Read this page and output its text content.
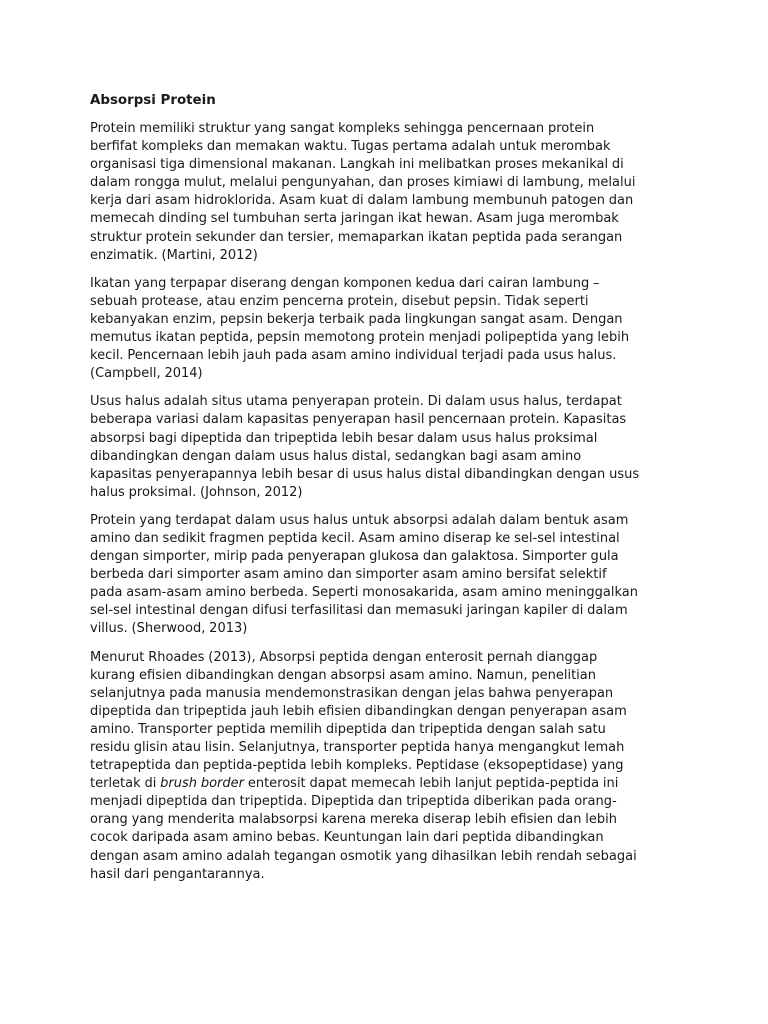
Absorpsi Protein
Protein memiliki struktur yang sangat kompleks sehingga pencernaan protein
berfifat kompleks dan memakan waktu. Tugas pertama adalah untuk merombak
organisasi tiga dimensional makanan. Langkah ini melibatkan proses mekanikal di
dalam rongga mulut, melalui pengunyahan, dan proses kimiawi di lambung, melalui
kerja dari asam hidroklorida. Asam kuat di dalam lambung membunuh patogen dan
memecah dinding sel tumbuhan serta jaringan ikat hewan. Asam juga merombak
struktur protein sekunder dan tersier, memaparkan ikatan peptida pada serangan
enzimatik. (Martini, 2012)
Ikatan yang terpapar diserang dengan komponen kedua dari cairan lambung –
sebuah protease, atau enzim pencerna protein, disebut pepsin. Tidak seperti
kebanyakan enzim, pepsin bekerja terbaik pada lingkungan sangat asam. Dengan
memutus ikatan peptida, pepsin memotong protein menjadi polipeptida yang lebih
kecil. Pencernaan lebih jauh pada asam amino individual terjadi pada usus halus.
(Campbell, 2014)
Usus halus adalah situs utama penyerapan protein. Di dalam usus halus, terdapat
beberapa variasi dalam kapasitas penyerapan hasil pencernaan protein. Kapasitas
absorpsi bagi dipeptida dan tripeptida lebih besar dalam usus halus proksimal
dibandingkan dengan dalam usus halus distal, sedangkan bagi asam amino
kapasitas penyerapannya lebih besar di usus halus distal dibandingkan dengan usus
halus proksimal. (Johnson, 2012)
Protein yang terdapat dalam usus halus untuk absorpsi adalah dalam bentuk asam
amino dan sedikit fragmen peptida kecil. Asam amino diserap ke sel-sel intestinal
dengan simporter, mirip pada penyerapan glukosa dan galaktosa. Simporter gula
berbeda dari simporter asam amino dan simporter asam amino bersifat selektif
pada asam-asam amino berbeda. Seperti monosakarida, asam amino meninggalkan
sel-sel intestinal dengan difusi terfasilitasi dan memasuki jaringan kapiler di dalam
villus. (Sherwood, 2013)
Menurut Rhoades (2013), Absorpsi peptida dengan enterosit pernah dianggap
kurang efisien dibandingkan dengan absorpsi asam amino. Namun, penelitian
selanjutnya pada manusia mendemonstrasikan dengan jelas bahwa penyerapan
dipeptida dan tripeptida jauh lebih efisien dibandingkan dengan penyerapan asam
amino. Transporter peptida memilih dipeptida dan tripeptida dengan salah satu
residu glisin atau lisin. Selanjutnya, transporter peptida hanya mengangkut lemah
tetrapeptida dan peptida-peptida lebih kompleks. Peptidase (eksopeptidase) yang
terletak di brush border enterosit dapat memecah lebih lanjut peptida-peptida ini
menjadi dipeptida dan tripeptida. Dipeptida dan tripeptida diberikan pada orang-
orang yang menderita malabsorpsi karena mereka diserap lebih efisien dan lebih
cocok daripada asam amino bebas. Keuntungan lain dari peptida dibandingkan
dengan asam amino adalah tegangan osmotik yang dihasilkan lebih rendah sebagai
hasil dari pengantarannya.
